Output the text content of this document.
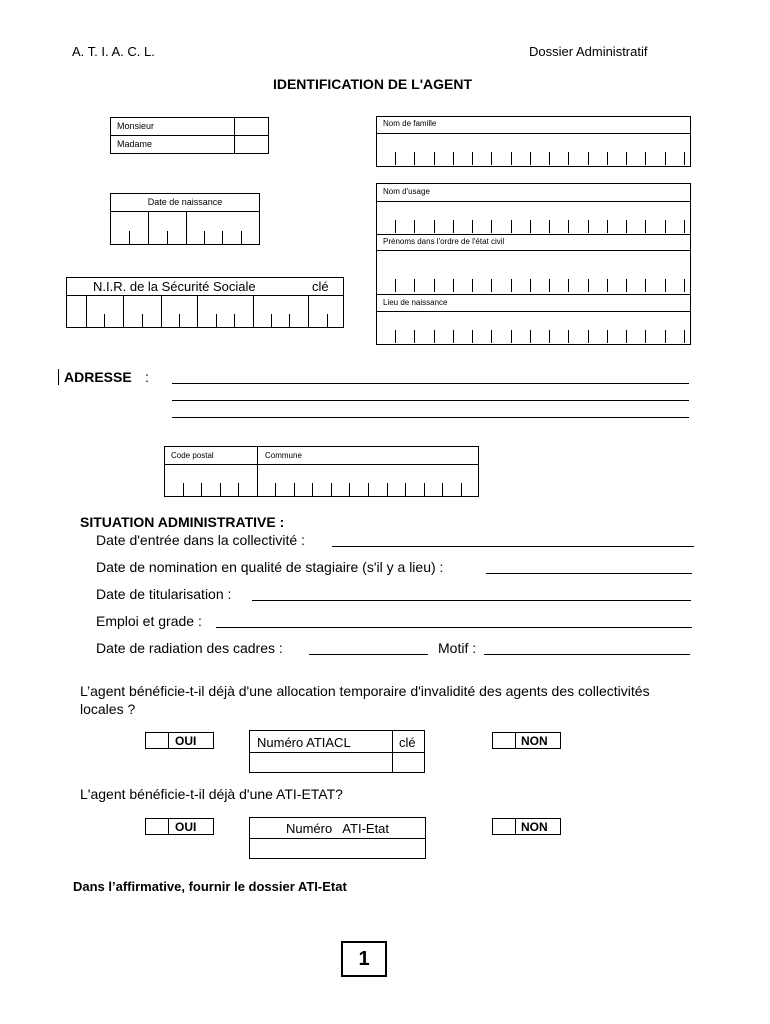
A. T. I. A. C. L.	Dossier Administratif
IDENTIFICATION DE L'AGENT
Monsieur
Madame
Date de naissance
N.I.R. de la Sécurité Sociale	clé
Nom de famille
Nom d'usage
Prénoms dans l'ordre de l'état civil
Lieu de naissance
ADRESSE :
Code postal	Commune
SITUATION ADMINISTRATIVE :
Date d'entrée dans la collectivité :
Date de nomination en qualité de stagiaire (s'il y a lieu) :
Date de titularisation :
Emploi et grade :
Date de radiation des cadres :	Motif :
L’agent bénéficie-t-il déjà d'une allocation temporaire d'invalidité des agents des collectivités locales ?
OUI	Numéro ATIACL	clé	NON
L'agent bénéficie-t-il déjà d'une ATI-ETAT?
OUI	Numéro   ATI-Etat	NON
Dans l’affirmative, fournir le dossier ATI-Etat
1
